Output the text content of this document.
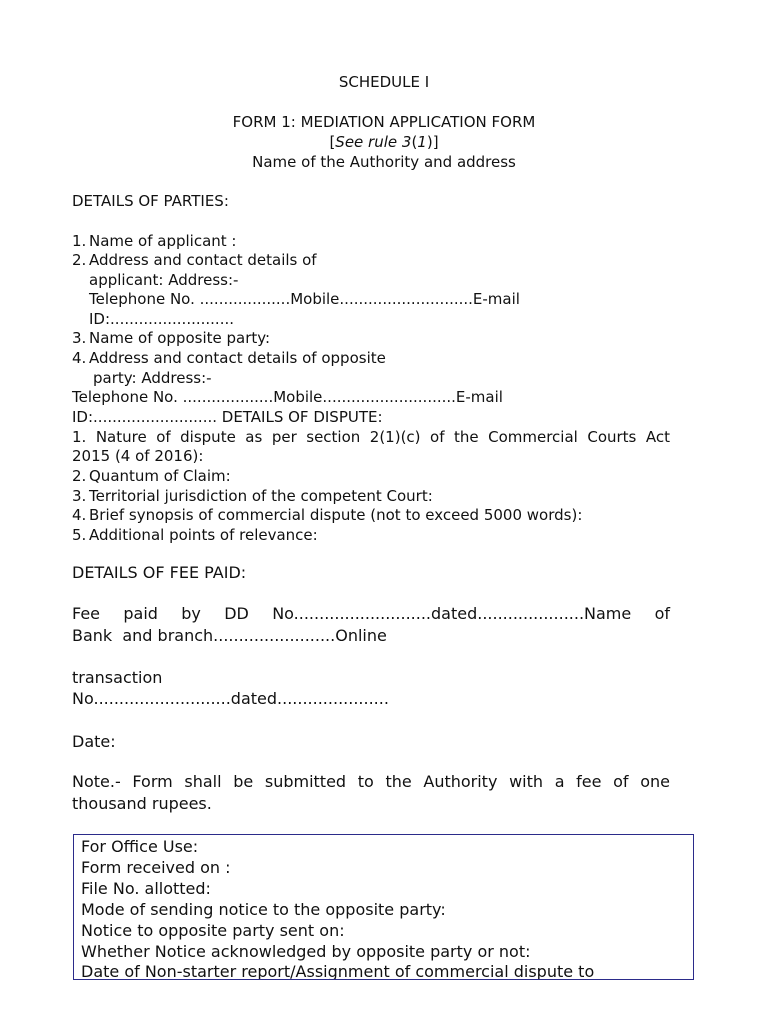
SCHEDULE I
FORM 1: MEDIATION APPLICATION FORM
[See rule 3(1)]
Name of the Authority and address
DETAILS OF PARTIES:
1. Name of applicant :
2. Address and contact details of
applicant: Address:-
Telephone No. ...................Mobile............................E-mail
ID:..........................
3. Name of opposite party:
4. Address and contact details of opposite
party: Address:-
Telephone No. ...................Mobile............................E-mail
ID:.......................... DETAILS OF DISPUTE:
1. Nature of dispute as per section 2(1)(c) of the Commercial Courts Act
2015 (4 of 2016):
2. Quantum of Claim:
3. Territorial jurisdiction of the competent Court:
4. Brief synopsis of commercial dispute (not to exceed 5000 words):
5. Additional points of relevance:
DETAILS OF FEE PAID:
Fee paid by DD No...........................dated.....................Name of
Bank  and branch........................Online
transaction
No...........................dated......................
Date:
Note.- Form shall be submitted to the Authority with a fee of one
thousand rupees.
For Office Use:
Form received on :
File No. allotted:
Mode of sending notice to the opposite party:
Notice to opposite party sent on:
Whether Notice acknowledged by opposite party or not:
Date of Non-starter report/Assignment of commercial dispute to
